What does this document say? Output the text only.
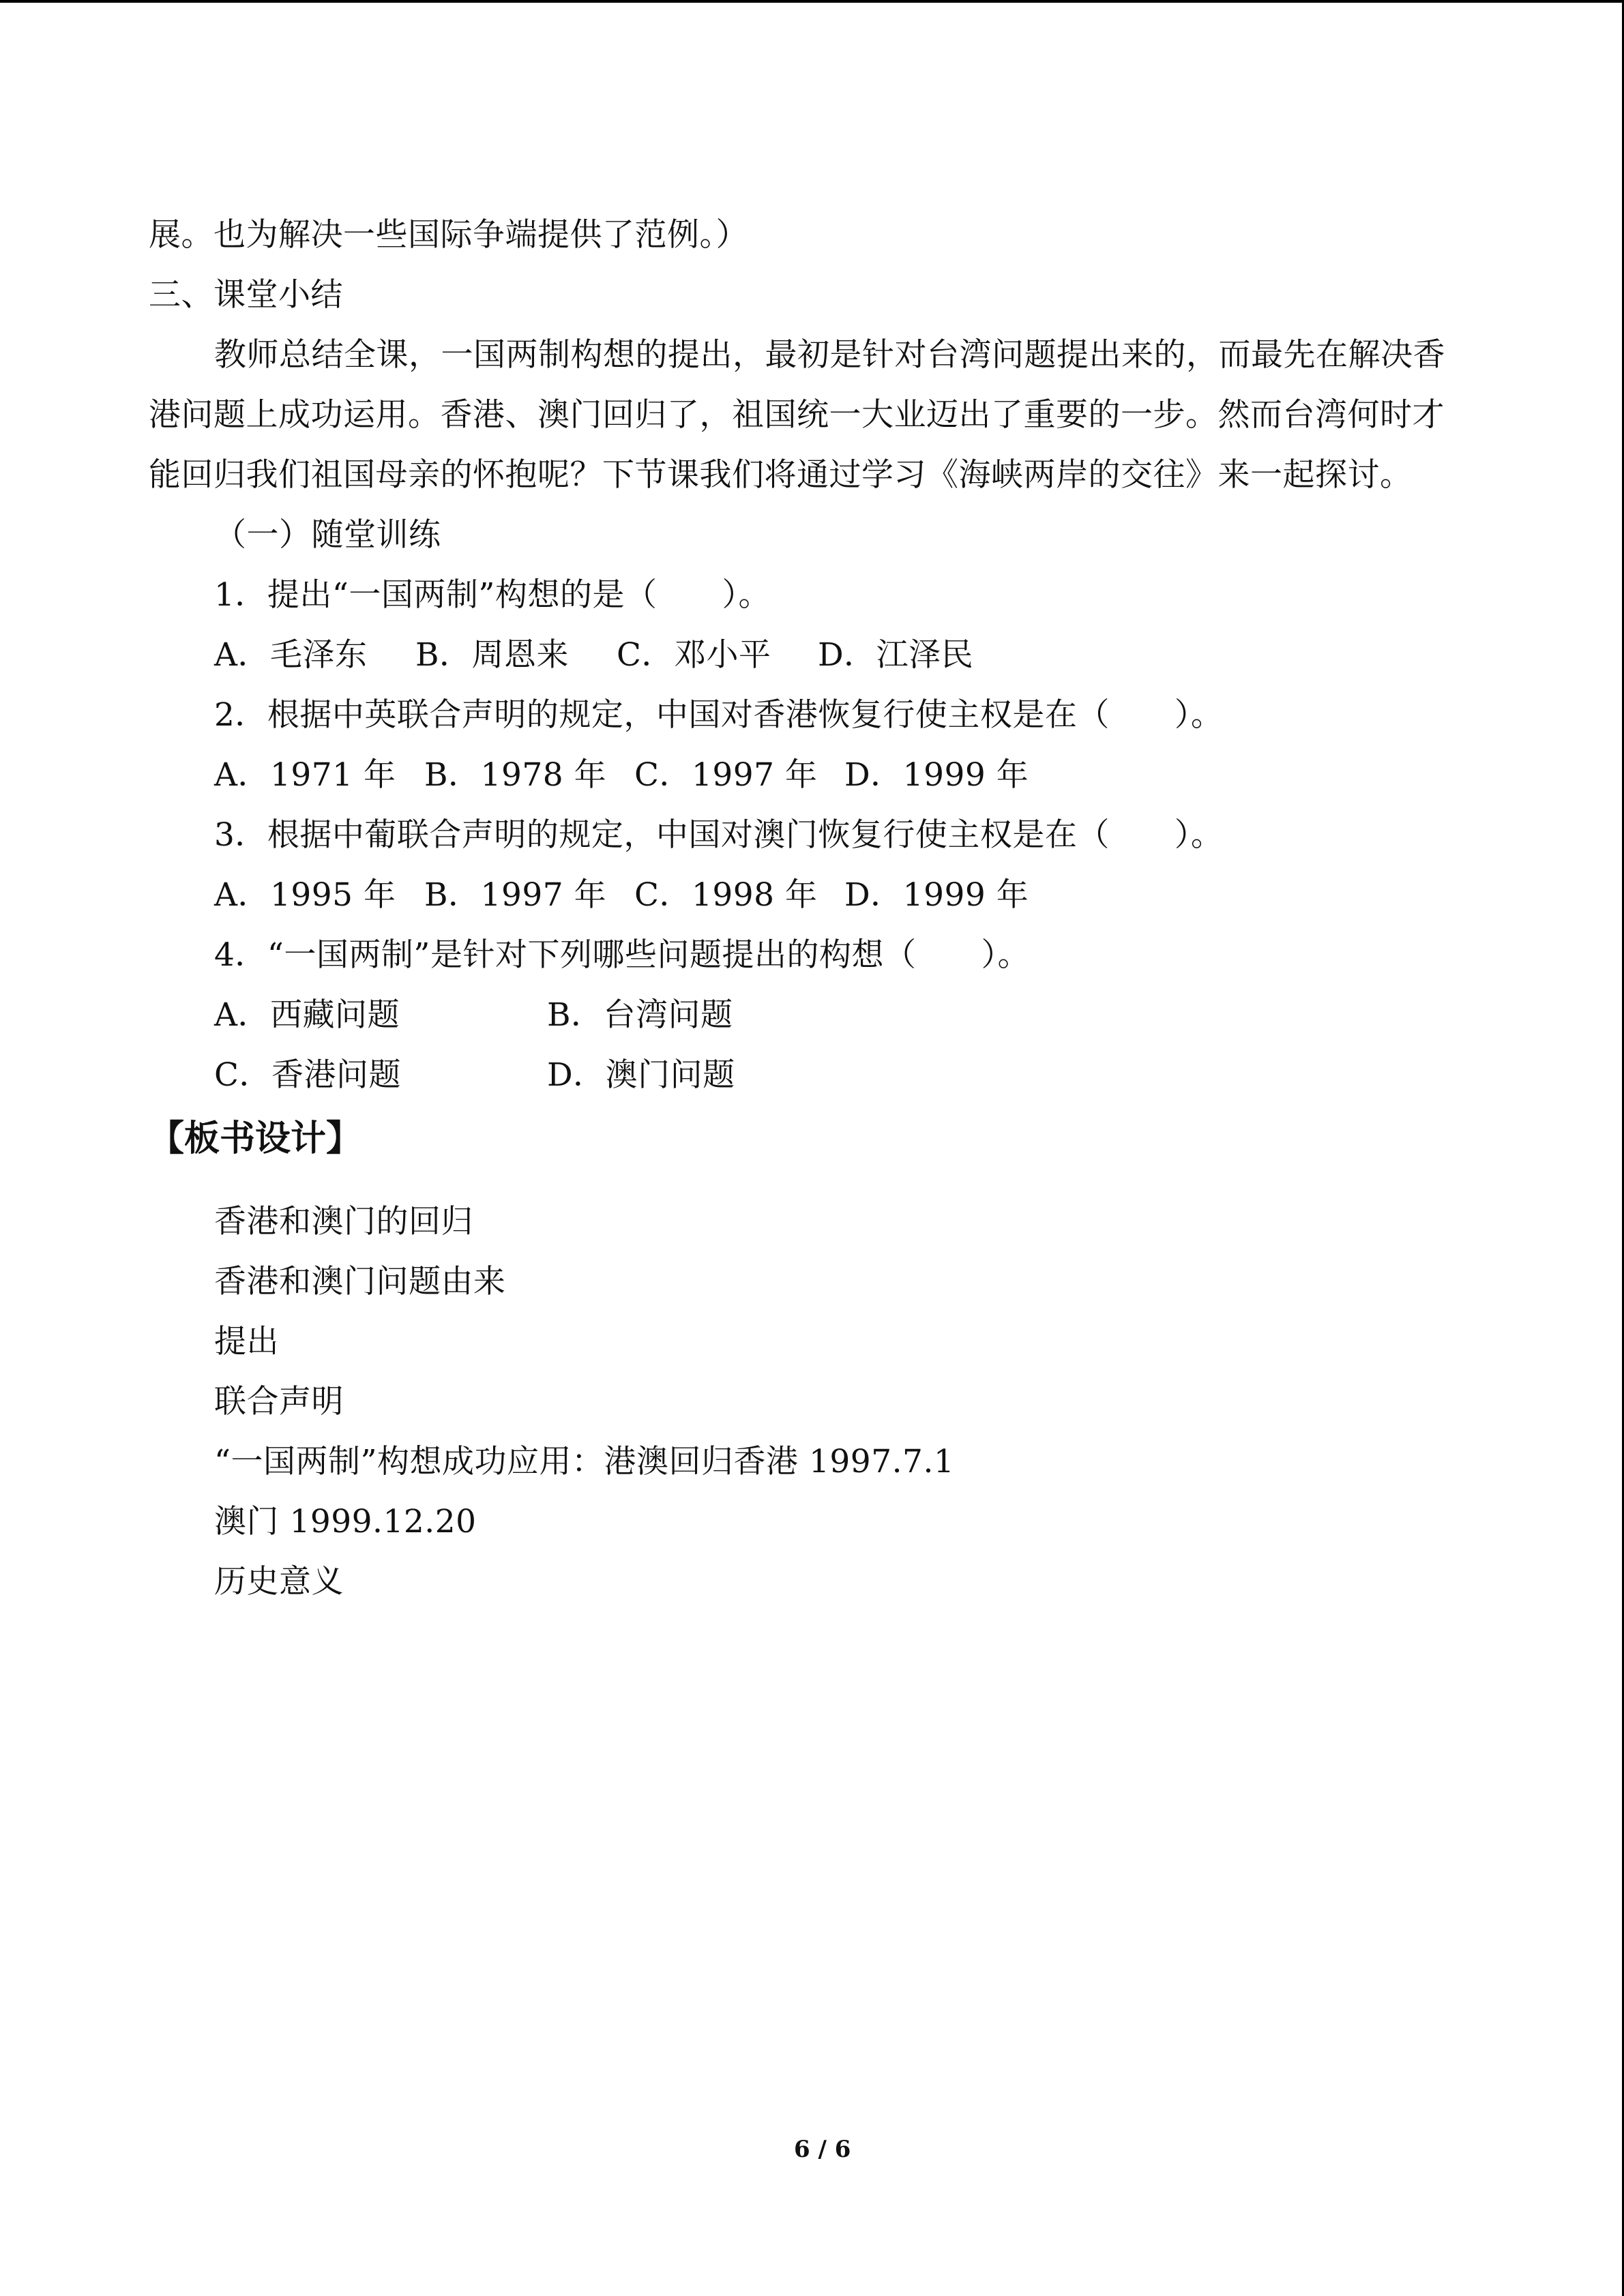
展。也为解决一些国际争端提供了范例。）
三、课堂小结
教师总结全课，一国两制构想的提出，最初是针对台湾问题提出来的，而最先在解决香
港问题上成功运用。香港、澳门回归了，祖国统一大业迈出了重要的一步。然而台湾何时才
能回归我们祖国母亲的怀抱呢？下节课我们将通过学习《海峡两岸的交往》来一起探讨。
（一）随堂训练
1．提出“一国两制”构想的是（　　）。
A．毛泽东 B．周恩来 C．邓小平 D．江泽民
2．根据中英联合声明的规定，中国对香港恢复行使主权是在（　　）。
A．1971 年 B．1978 年 C．1997 年 D．1999 年
3．根据中葡联合声明的规定，中国对澳门恢复行使主权是在（　　）。
A．1995 年 B．1997 年 C．1998 年 D．1999 年
4．“一国两制”是针对下列哪些问题提出的构想（　　）。
A．西藏问题	B．台湾问题
C．香港问题	D．澳门问题
【板书设计】
香港和澳门的回归
香港和澳门问题由来
提出
联合声明
“一国两制”构想成功应用：港澳回归香港 1997.7.1
澳门 1999.12.20
历史意义
6 / 6
